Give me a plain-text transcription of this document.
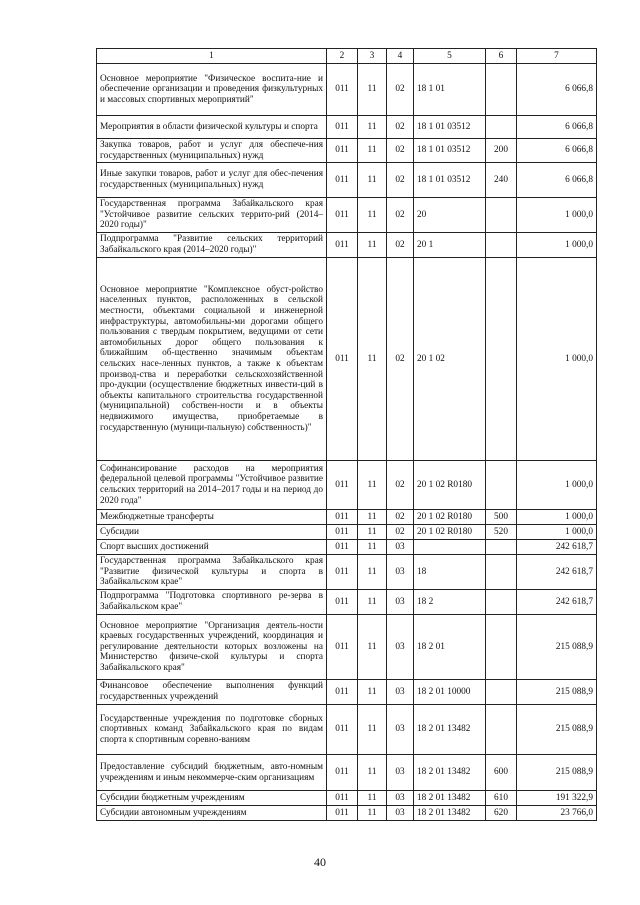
1	2	3	4	5	6	7
Основное мероприятие "Физическое воспита-ние и обеспечение организации и проведения физкультурных и массовых спортивных мероприятий"	011	11	02	18 1 01		6 066,8
Мероприятия в области физической культуры и спорта	011	11	02	18 1 01 03512		6 066,8
Закупка товаров, работ и услуг для обеспече-ния государственных (муниципальных) нужд	011	11	02	18 1 01 03512	200	6 066,8
Иные закупки товаров, работ и услуг для обес-печения государственных (муниципальных) нужд	011	11	02	18 1 01 03512	240	6 066,8
Государственная программа Забайкальского края "Устойчивое развитие сельских террито-рий (2014–2020 годы)"	011	11	02	20		1 000,0
Подпрограмма "Развитие сельских территорий Забайкальского края (2014–2020 годы)"	011	11	02	20 1		1 000,0
Основное мероприятие "Комплексное обуст-ройство населенных пунктов, расположенных в сельской местности, объектами социальной и инженерной инфраструктуры, автомобильны-ми дорогами общего пользования с твердым покрытием, ведущими от сети автомобильных дорог общего пользования к ближайшим об-щественно значимым объектам сельских насе-ленных пунктов, а также к объектам производ-ства и переработки сельскохозяйственной про-дукции (осуществление бюджетных инвести-ций в объекты капитального строительства государственной (муниципальной) собствен-ности и в объекты недвижимого имущества, приобретаемые в государственную (муници-пальную) собственность)"	011	11	02	20 1 02		1 000,0
Софинансирование расходов на мероприятия федеральной целевой программы "Устойчивое развитие сельских территорий на 2014–2017 годы и на период до 2020 года"	011	11	02	20 1 02 R0180		1 000,0
Межбюджетные трансферты	011	11	02	20 1 02 R0180	500	1 000,0
Субсидии	011	11	02	20 1 02 R0180	520	1 000,0
Спорт высших достижений	011	11	03			242 618,7
Государственная программа Забайкальского края "Развитие физической культуры и спорта в Забайкальском крае"	011	11	03	18		242 618,7
Подпрограмма "Подготовка спортивного ре-зерва в Забайкальском крае"	011	11	03	18 2		242 618,7
Основное мероприятие "Организация деятель-ности краевых государственных учреждений, координация и регулирование деятельности которых возложены на Министерство физиче-ской культуры и спорта Забайкальского края"	011	11	03	18 2 01		215 088,9
Финансовое обеспечение выполнения функций государственных учреждений	011	11	03	18 2 01 10000		215 088,9
Государственные учреждения по подготовке сборных спортивных команд Забайкальского края по видам спорта к спортивным соревно-ваниям	011	11	03	18 2 01 13482		215 088,9
Предоставление субсидий бюджетным, авто-номным учреждениям и иным некоммерче-ским организациям	011	11	03	18 2 01 13482	600	215 088,9
Субсидии бюджетным учреждениям	011	11	03	18 2 01 13482	610	191 322,9
Субсидии автономным учреждениям	011	11	03	18 2 01 13482	620	23 766,0
40
